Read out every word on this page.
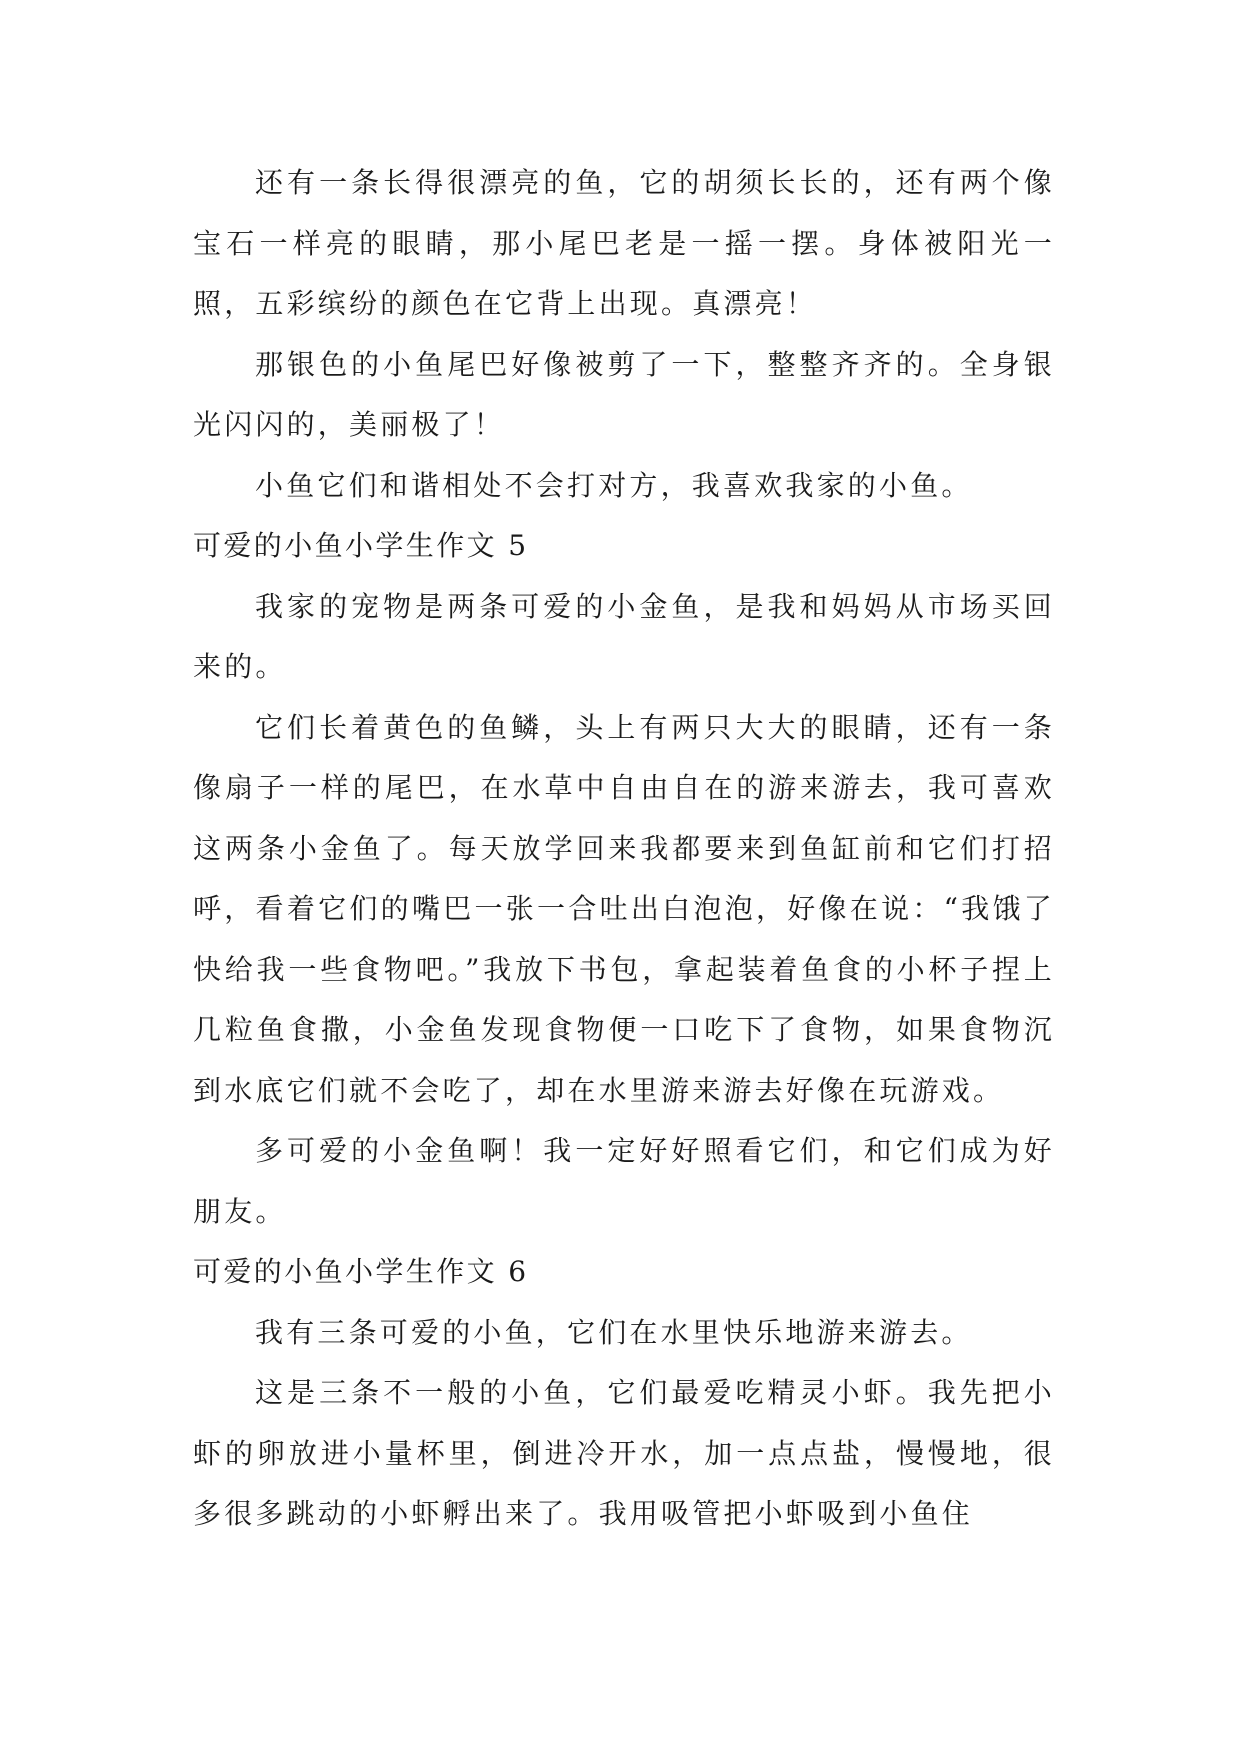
还有一条长得很漂亮的鱼，它的胡须长长的，还有两个像宝石一样亮的眼睛，那小尾巴老是一摇一摆。身体被阳光一照，五彩缤纷的颜色在它背上出现。真漂亮！

那银色的小鱼尾巴好像被剪了一下，整整齐齐的。全身银光闪闪的，美丽极了！

小鱼它们和谐相处不会打对方，我喜欢我家的小鱼。

可爱的小鱼小学生作文 5

我家的宠物是两条可爱的小金鱼，是我和妈妈从市场买回来的。

它们长着黄色的鱼鳞，头上有两只大大的眼睛，还有一条像扇子一样的尾巴，在水草中自由自在的游来游去，我可喜欢这两条小金鱼了。每天放学回来我都要来到鱼缸前和它们打招呼，看着它们的嘴巴一张一合吐出白泡泡，好像在说：“我饿了快给我一些食物吧。”我放下书包，拿起装着鱼食的小杯子捏上几粒鱼食撒，小金鱼发现食物便一口吃下了食物，如果食物沉到水底它们就不会吃了，却在水里游来游去好像在玩游戏。

多可爱的小金鱼啊！我一定好好照看它们，和它们成为好朋友。

可爱的小鱼小学生作文 6

我有三条可爱的小鱼，它们在水里快乐地游来游去。

这是三条不一般的小鱼，它们最爱吃精灵小虾。我先把小虾的卵放进小量杯里，倒进冷开水，加一点点盐，慢慢地，很多很多跳动的小虾孵出来了。我用吸管把小虾吸到小鱼住
